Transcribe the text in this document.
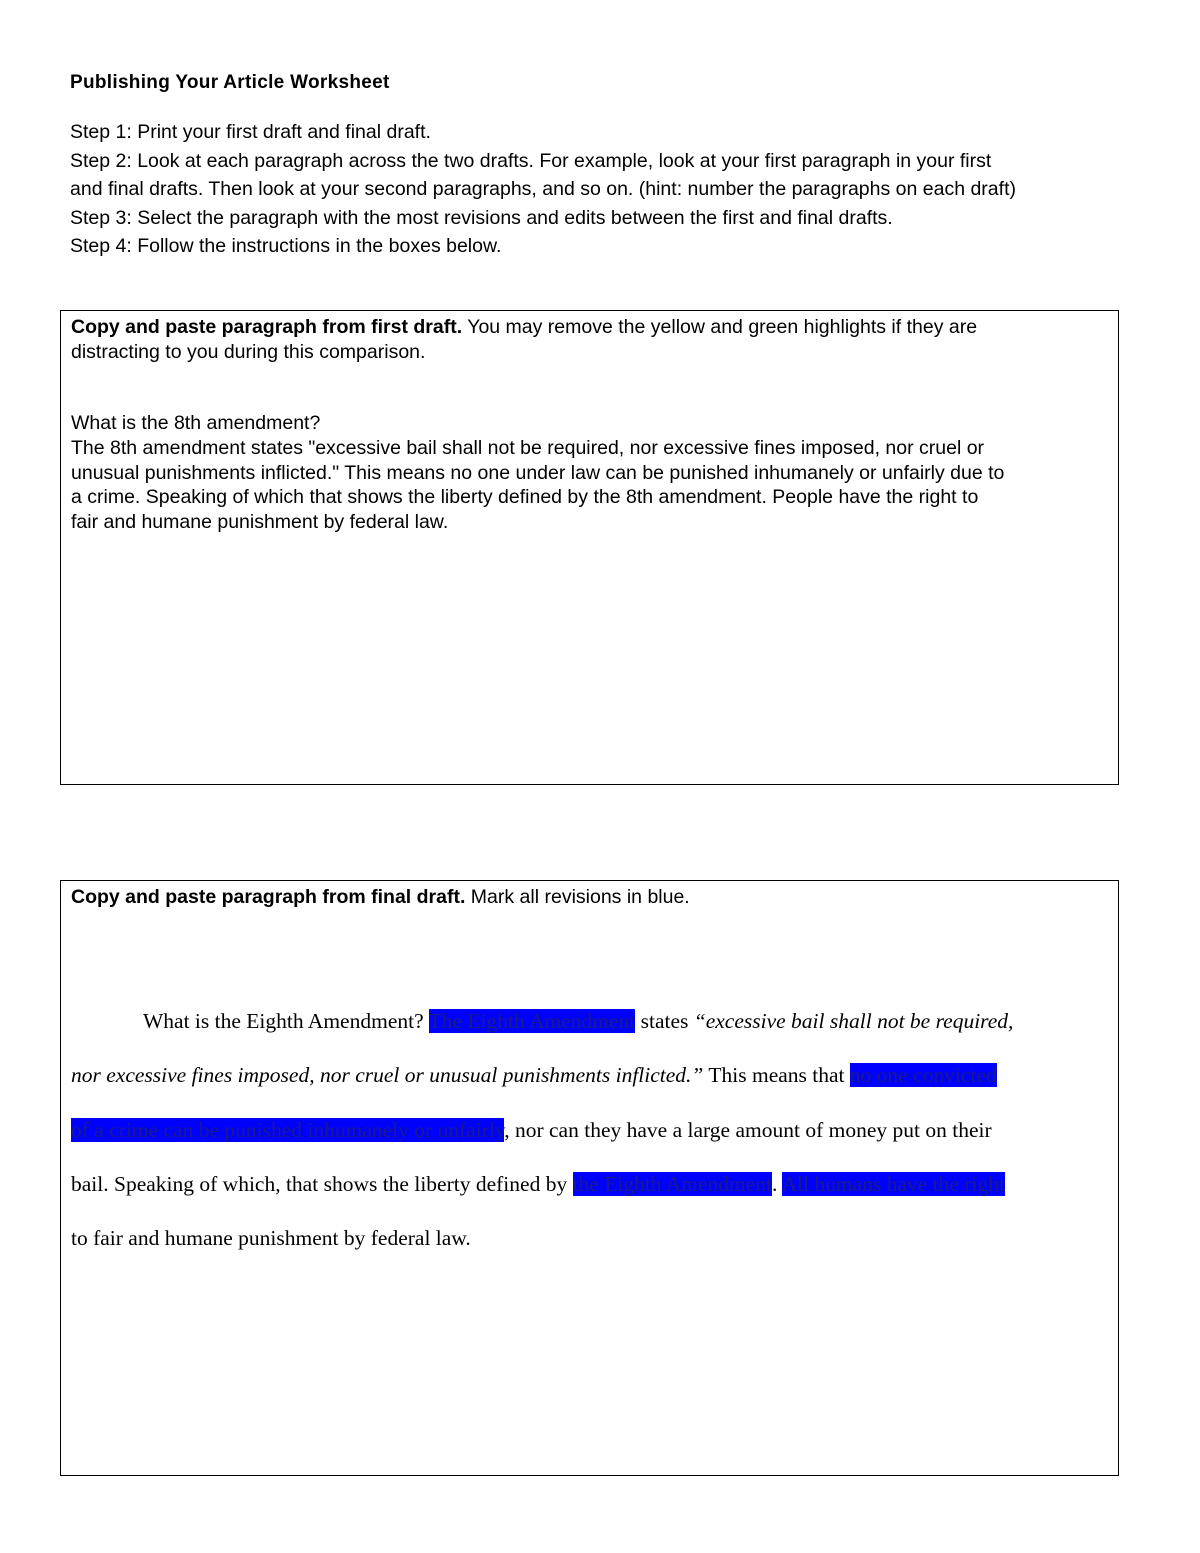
Publishing Your Article Worksheet
Step 1: Print your first draft and final draft.
Step 2: Look at each paragraph across the two drafts. For example, look at your first paragraph in your first
and final drafts. Then look at your second paragraphs, and so on. (hint: number the paragraphs on each draft)
Step 3: Select the paragraph with the most revisions and edits between the first and final drafts.
Step 4: Follow the instructions in the boxes below.
Copy and paste paragraph from first draft. You may remove the yellow and green highlights if they are
distracting to you during this comparison.
What is the 8th amendment?
The 8th amendment states "excessive bail shall not be required, nor excessive fines imposed, nor cruel or
unusual punishments inflicted." This means no one under law can be punished inhumanely or unfairly due to
a crime. Speaking of which that shows the liberty defined by the 8th amendment. People have the right to
fair and humane punishment by federal law.
Copy and paste paragraph from final draft. Mark all revisions in blue.
What is the Eighth Amendment? The Eighth Amendment states “excessive bail shall not be required,
nor excessive fines imposed, nor cruel or unusual punishments inflicted.” This means that no one convicted
of a crime can be punished inhumanely or unfairly, nor can they have a large amount of money put on their
bail. Speaking of which, that shows the liberty defined by the Eighth Amendment. All humans have the right
to fair and humane punishment by federal law.
